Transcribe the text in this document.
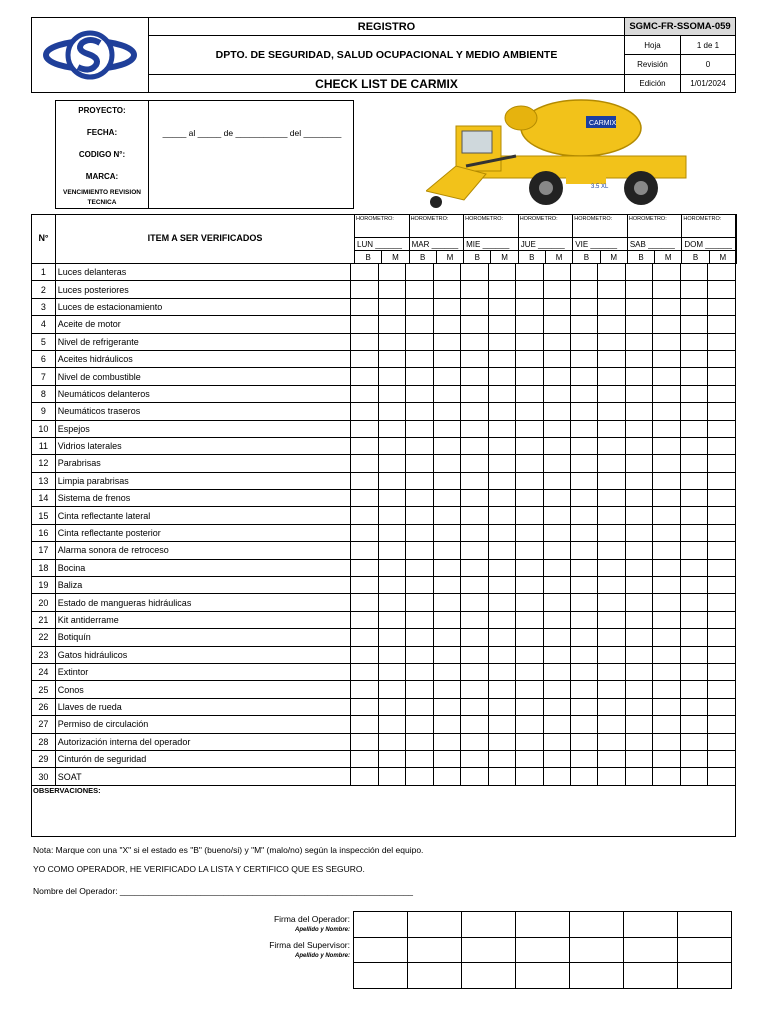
REGISTRO
DPTO. DE SEGURIDAD, SALUD OCUPACIONAL Y MEDIO AMBIENTE
CHECK LIST DE CARMIX
SGMC-FR-SSOMA-059
Hoja	1 de 1
Revisión	0
Edición	1/01/2024
PROYECTO:
FECHA:	_____ al _____ de ___________ del ________
CODIGO N°:
MARCA:
VENCIMIENTO REVISION TECNICA
CARMIX
3.5 XL
N°	ITEM A SER VERIFICADOS
HOROMETRO:
LUN ______
B	M
HOROMETRO:
MAR ______
B	M
HOROMETRO:
MIE ______
B	M
HOROMETRO:
JUE ______
B	M
HOROMETRO:
VIE ______
B	M
HOROMETRO:
SAB ______
B	M
HOROMETRO:
DOM ______
B	M
1	Luces delanteras														
2	Luces posteriores														
3	Luces de estacionamiento														
4	Aceite de motor														
5	Nivel de refrigerante														
6	Aceites hidráulicos														
7	Nivel de combustible														
8	Neumáticos delanteros														
9	Neumáticos traseros														
10	Espejos														
11	Vidrios laterales														
12	Parabrisas														
13	Limpia parabrisas														
14	Sistema de frenos														
15	Cinta reflectante lateral														
16	Cinta reflectante posterior														
17	Alarma sonora de retroceso														
18	Bocina														
19	Baliza														
20	Estado de mangueras hidráulicas														
21	Kit antiderrame														
22	Botiquín														
23	Gatos hidráulicos														
24	Extintor														
25	Conos														
26	Llaves de rueda														
27	Permiso de circulación														
28	Autorización interna del operador														
29	Cinturón de seguridad														
30	SOAT														
OBSERVACIONES:
Nota: Marque con una "X" si el estado es "B" (bueno/si) y "M" (malo/no) según la inspección del equipo.
YO COMO OPERADOR, HE VERIFICADO LA LISTA Y CERTIFICO QUE ES SEGURO.
Nombre del Operador: ______________________________________________________________
Firma del Operador:
Apellido y Nombre:
Firma del Supervisor:
Apellido y Nombre:
